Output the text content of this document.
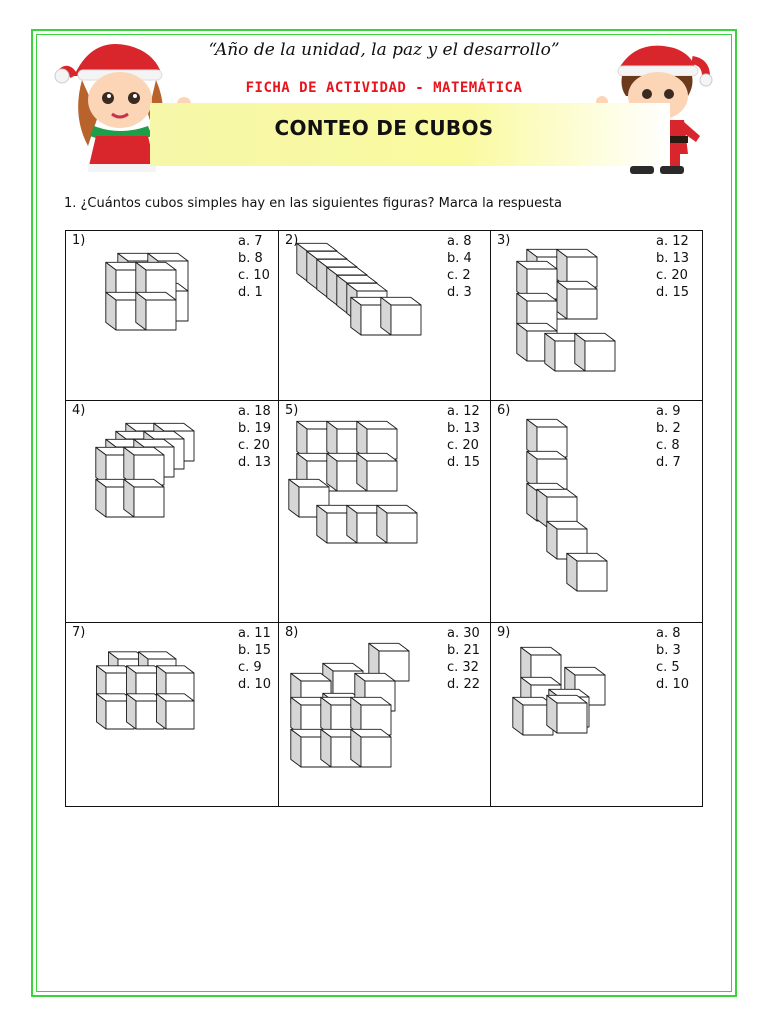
“Año de la unidad, la paz y el desarrollo”
FICHA DE ACTIVIDAD - MATEMÁTICA
CONTEO DE CUBOS
1. ¿Cuántos cubos simples hay en las siguientes figuras? Marca la respuesta
1)	a. 7
b. 8
c. 10
d. 1
2)	a. 8
b. 4
c. 2
d. 3
3)	a. 12
b. 13
c. 20
d. 15
4)	a. 18
b. 19
c. 20
d. 13
5)	a. 12
b. 13
c. 20
d. 15
6)	a. 9
b. 2
c. 8
d. 7
7)	a. 11
b. 15
c. 9
d. 10
8)	a. 30
b. 21
c. 32
d. 22
9)	a. 8
b. 3
c. 5
d. 10
